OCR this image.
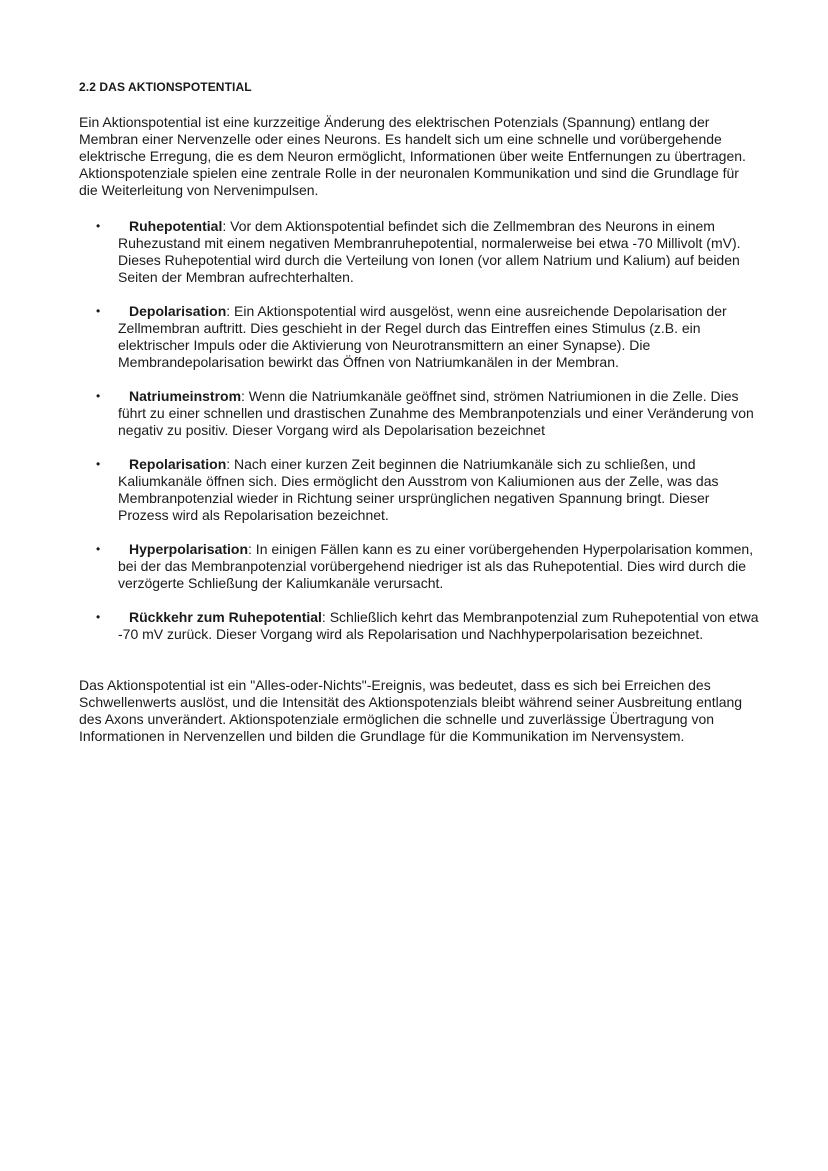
2.2 DAS AKTIONSPOTENTIAL

Ein Aktionspotential ist eine kurzzeitige Änderung des elektrischen Potenzials (Spannung) entlang der Membran einer Nervenzelle oder eines Neurons. Es handelt sich um eine schnelle und vorübergehende elektrische Erregung, die es dem Neuron ermöglicht, Informationen über weite Entfernungen zu übertragen. Aktionspotenziale spielen eine zentrale Rolle in der neuronalen Kommunikation und sind die Grundlage für die Weiterleitung von Nervenimpulsen.

• Ruhepotential: Vor dem Aktionspotential befindet sich die Zellmembran des Neurons in einem Ruhezustand mit einem negativen Membranruhepotential, normalerweise bei etwa -70 Millivolt (mV). Dieses Ruhepotential wird durch die Verteilung von Ionen (vor allem Natrium und Kalium) auf beiden Seiten der Membran aufrechterhalten.
• Depolarisation: Ein Aktionspotential wird ausgelöst, wenn eine ausreichende Depolarisation der Zellmembran auftritt. Dies geschieht in der Regel durch das Eintreffen eines Stimulus (z.B. ein elektrischer Impuls oder die Aktivierung von Neurotransmittern an einer Synapse). Die Membrandepolarisation bewirkt das Öffnen von Natriumkanälen in der Membran.
• Natriumeinstrom: Wenn die Natriumkanäle geöffnet sind, strömen Natriumionen in die Zelle. Dies führt zu einer schnellen und drastischen Zunahme des Membranpotenzials und einer Veränderung von negativ zu positiv. Dieser Vorgang wird als Depolarisation bezeichnet
• Repolarisation: Nach einer kurzen Zeit beginnen die Natriumkanäle sich zu schließen, und Kaliumkanäle öffnen sich. Dies ermöglicht den Ausstrom von Kaliumionen aus der Zelle, was das Membranpotenzial wieder in Richtung seiner ursprünglichen negativen Spannung bringt. Dieser Prozess wird als Repolarisation bezeichnet.
• Hyperpolarisation: In einigen Fällen kann es zu einer vorübergehenden Hyperpolarisation kommen, bei der das Membranpotenzial vorübergehend niedriger ist als das Ruhepotential. Dies wird durch die verzögerte Schließung der Kaliumkanäle verursacht.
• Rückkehr zum Ruhepotential: Schließlich kehrt das Membranpotenzial zum Ruhepotential von etwa -70 mV zurück. Dieser Vorgang wird als Repolarisation und Nachhyperpolarisation bezeichnet.

Das Aktionspotential ist ein "Alles-oder-Nichts"-Ereignis, was bedeutet, dass es sich bei Erreichen des Schwellenwerts auslöst, und die Intensität des Aktionspotenzials bleibt während seiner Ausbreitung entlang des Axons unverändert. Aktionspotenziale ermöglichen die schnelle und zuverlässige Übertragung von Informationen in Nervenzellen und bilden die Grundlage für die Kommunikation im Nervensystem.
